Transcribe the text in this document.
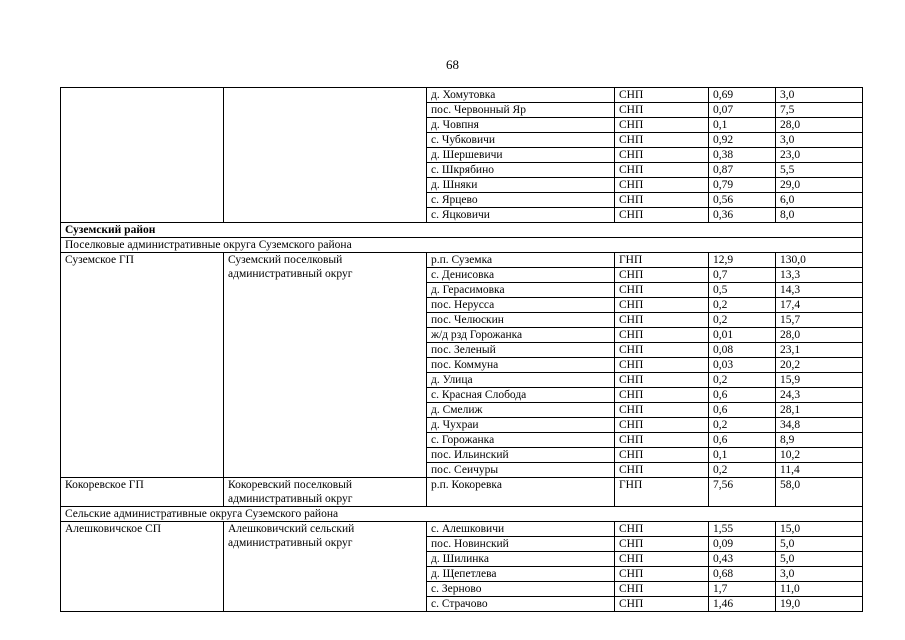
68
		д. Хомутовка	СНП	0,69	3,0
		пос. Червонный Яр	СНП	0,07	7,5
		д. Човпня	СНП	0,1	28,0
		с. Чубковичи	СНП	0,92	3,0
		д. Шершевичи	СНП	0,38	23,0
		с. Шкрябино	СНП	0,87	5,5
		д. Шняки	СНП	0,79	29,0
		с. Ярцево	СНП	0,56	6,0
		с. Яцковичи	СНП	0,36	8,0
Суземский район					
Поселковые административные округа Суземского района					
Суземское ГП	Суземский поселковый административный округ	р.п. Суземка	ГНП	12,9	130,0
		с. Денисовка	СНП	0,7	13,3
		д. Герасимовка	СНП	0,5	14,3
		пос. Нерусса	СНП	0,2	17,4
		пос. Челюскин	СНП	0,2	15,7
		ж/д рзд Горожанка	СНП	0,01	28,0
		пос. Зеленый	СНП	0,08	23,1
		пос. Коммуна	СНП	0,03	20,2
		д. Улица	СНП	0,2	15,9
		с. Красная Слобода	СНП	0,6	24,3
		д. Смелиж	СНП	0,6	28,1
		д. Чухраи	СНП	0,2	34,8
		с. Горожанка	СНП	0,6	8,9
		пос. Ильинский	СНП	0,1	10,2
		пос. Сеичуры	СНП	0,2	11,4
Кокоревское ГП	Кокоревский поселковый административный округ	р.п. Кокоревка	ГНП	7,56	58,0
Сельские административные округа Суземского района					
Алешковичское СП	Алешковичский сельский административный округ	с. Алешковичи	СНП	1,55	15,0
		пос. Новинский	СНП	0,09	5,0
		д. Шилинка	СНП	0,43	5,0
		д. Щепетлева	СНП	0,68	3,0
		с. Зерново	СНП	1,7	11,0
		с. Страчово	СНП	1,46	19,0
